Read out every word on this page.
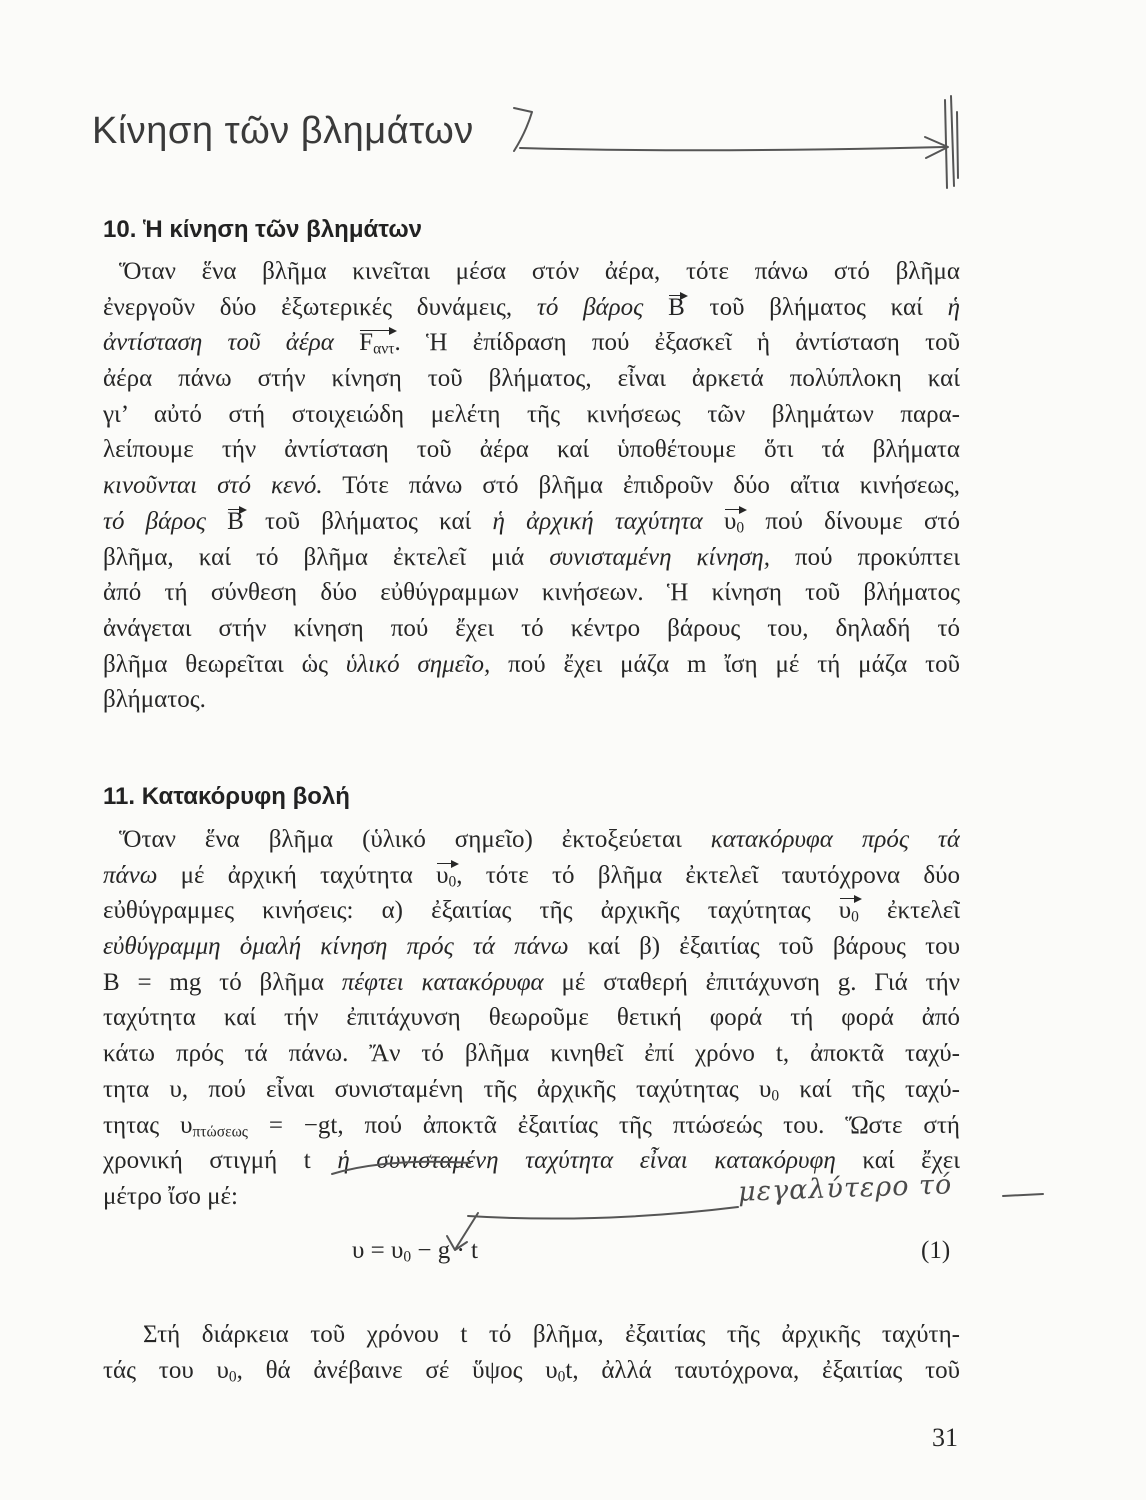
Κίνηση τῶν βλημάτων
10. Ἡ κίνηση τῶν βλημάτων
Ὅταν ἕνα βλῆμα κινεῖται μέσα στόν ἀέρα, τότε πάνω στό βλῆμα
ἐνεργοῦν δύο ἐξωτερικές δυνάμεις, τό βάρος B τοῦ βλήματος καί ἡ
ἀντίσταση τοῦ ἀέρα $F_{\alpha\nu\tau}$. Ἡ ἐπίδραση πού ἐξασκεῖ ἡ ἀντίσταση τοῦ
ἀέρα πάνω στήν κίνηση τοῦ βλήματος, εἶναι ἀρκετά πολύπλοκη καί
γι’ αὐτό στή στοιχειώδη μελέτη τῆς κινήσεως τῶν βλημάτων παρα-
λείπουμε τήν ἀντίσταση τοῦ ἀέρα καί ὑποθέτουμε ὅτι τά βλήματα
κινοῦνται στό κενό. Τότε πάνω στό βλῆμα ἐπιδροῦν δύο αἴτια κινήσεως,
τό βάρος B τοῦ βλήματος καί ἡ ἀρχική ταχύτητα $\upsilon_0$ πού δίνουμε στό
βλῆμα, καί τό βλῆμα ἐκτελεῖ μιά συνισταμένη κίνηση, πού προκύπτει
ἀπό τή σύνθεση δύο εὐθύγραμμων κινήσεων. Ἡ κίνηση τοῦ βλήματος
ἀνάγεται στήν κίνηση πού ἔχει τό κέντρο βάρους του, δηλαδή τό
βλῆμα θεωρεῖται ὡς ὑλικό σημεῖο, πού ἔχει μάζα m ἴση μέ τή μάζα τοῦ
βλήματος.
11. Κατακόρυφη βολή
Ὅταν ἕνα βλῆμα (ὑλικό σημεῖο) ἐκτοξεύεται κατακόρυφα πρός τά
πάνω μέ ἀρχική ταχύτητα $\upsilon_0$, τότε τό βλῆμα ἐκτελεῖ ταυτόχρονα δύο
εὐθύγραμμες κινήσεις: α) ἐξαιτίας τῆς ἀρχικῆς ταχύτητας $\upsilon_0$ ἐκτελεῖ
εὐθύγραμμη ὁμαλή κίνηση πρός τά πάνω καί β) ἐξαιτίας τοῦ βάρους του
B = mg τό βλῆμα πέφτει κατακόρυφα μέ σταθερή ἐπιτάχυνση g. Γιά τήν
ταχύτητα καί τήν ἐπιτάχυνση θεωροῦμε θετική φορά τή φορά ἀπό
κάτω πρός τά πάνω. Ἄν τό βλῆμα κινηθεῖ ἐπί χρόνο t, ἀποκτᾶ ταχύ-
τητα υ, πού εἶναι συνισταμένη τῆς ἀρχικῆς ταχύτητας $\upsilon_0$ καί τῆς ταχύ-
τητας $\upsilon_{\pi\tau ώ\sigma\varepsilon\omega\varsigma} = -gt$, πού ἀποκτᾶ ἐξαιτίας τῆς πτώσεώς του. Ὥστε στή
χρονική στιγμή t ἡ συνισταμένη ταχύτητα εἶναι κατακόρυφη καί ἔχει
μέτρο ἴσο μέ:
$\upsilon = \upsilon_0 - g \cdot t$	(1)
Στή διάρκεια τοῦ χρόνου t τό βλῆμα, ἐξαιτίας τῆς ἀρχικῆς ταχύτη-
τάς του $\upsilon_0$, θά ἀνέβαινε σέ ὕψος $\upsilon_0t$, ἀλλά ταυτόχρονα, ἐξαιτίας τοῦ
μεγαλύτερο τό
31
